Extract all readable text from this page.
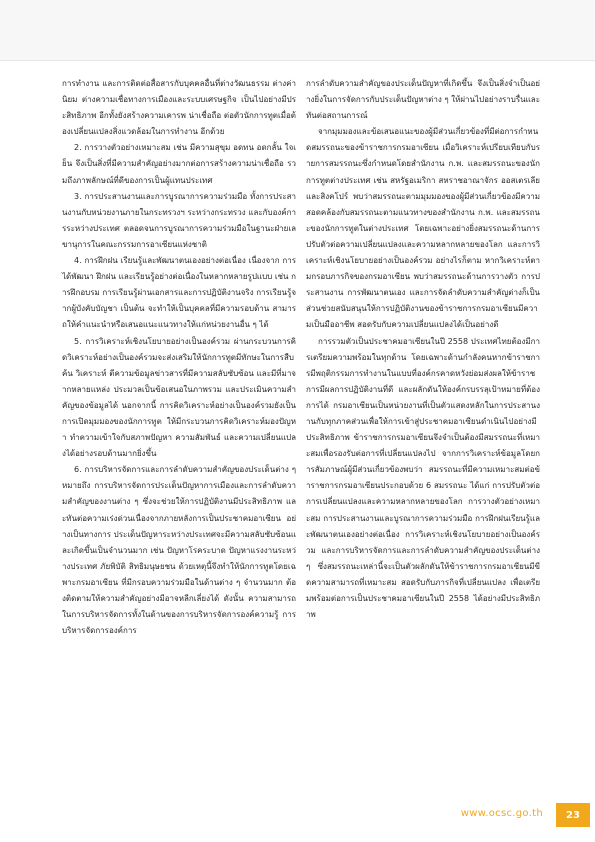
การทำงาน และการติดต่อสื่อสารกับบุคคลอื่นที่ต่างวัฒนธรรม ต่างค่านิยม ต่างความเชื่อทางการเมืองและระบบเศรษฐกิจ เป็นไปอย่างมีประสิทธิภาพ อีกทั้งยังสร้างความเคารพ น่าเชื่อถือ ต่อตัวนักการทูตเมื่อต้องเปลี่ยนแปลงสิ่งแวดล้อมในการทำงาน อีกด้วย

2. การวางตัวอย่างเหมาะสม เช่น มีความสุขุม อดทน อดกลั้น ใจเย็น จึงเป็นสิ่งที่มีความสำคัญอย่างมากต่อการสร้างความน่าเชื่อถือ รวมถึงภาพลักษณ์ที่ดีของการเป็นผู้แทนประเทศ

3. การประสานงานและการบูรณาการความร่วมมือ ทั้งการประสานงานกับหน่วยงานภายในกระทรวงฯ ระหว่างกระทรวง และกับองค์การระหว่างประเทศ ตลอดจนการบูรณาการความร่วมมือในฐานะฝ่ายเลขานุการในคณะกรรมการอาเซียนแห่งชาติ

4. การฝึกฝน เรียนรู้และพัฒนาตนเองอย่างต่อเนื่อง เนื่องจาก การได้พัฒนา ฝึกฝน และเรียนรู้อย่างต่อเนื่องในหลากหลายรูปแบบ เช่น การฝึกอบรม การเรียนรู้ผ่านเอกสารและการปฏิบัติงานจริง การเรียนรู้จากผู้บังคับบัญชา เป็นต้น จะทำให้เป็นบุคคลที่มีความรอบด้าน สามารถให้คำแนะนำหรือเสนอแนะแนวทางให้แก่หน่วยงานอื่น ๆ ได้

5. การวิเคราะห์เชิงนโยบายอย่างเป็นองค์รวม ผ่านกระบวนการคิดวิเคราะห์อย่างเป็นองค์รวมจะส่งเสริมให้นักการทูตมีทักษะในการสืบค้น วิเคราะห์ ตีความข้อมูลข่าวสารที่มีความสลับซับซ้อน และมีที่มาจากหลายแหล่ง ประมวลเป็นข้อเสนอในภาพรวม และประเมินความสำคัญของข้อมูลได้ นอกจากนี้ การคิดวิเคราะห์อย่างเป็นองค์รวมยังเป็นการเปิดมุมมองของนักการทูต ให้มีกระบวนการคิดวิเคราะห์มองปัญหา ทำความเข้าใจกับสภาพปัญหา ความสัมพันธ์ และความเปลี่ยนแปลงได้อย่างรอบด้านมากยิ่งขึ้น

6. การบริหารจัดการและการลำดับความสำคัญของประเด็นต่าง ๆ หมายถึง การบริหารจัดการประเด็นปัญหาการเมืองและการลำดับความสำคัญของงานต่าง ๆ ซึ่งจะช่วยให้การปฏิบัติงานมีประสิทธิภาพ และทันต่อความเร่งด่วนเนื่องจากภายหลังการเป็นประชาคมอาเซียน อย่างเป็นทางการ ประเด็นปัญหาระหว่างประเทศจะมีความสลับซับซ้อนและเกิดขึ้นเป็นจำนวนมาก เช่น ปัญหาโรคระบาด ปัญหาแรงงานระหว่างประเทศ ภัยพิบัติ สิทธิมนุษยชน ด้วยเหตุนี้จึงทำให้นักการทูตโดยเฉพาะกรมอาเซียน ที่มีกรอบความร่วมมือในด้านต่าง ๆ จำนวนมาก ต้องติดตามให้ความสำคัญอย่างมีอาจหลีกเลี่ยงได้ ดังนั้น ความสามารถในการบริหารจัดการทั้งในด้านของการบริหารจัดการองค์ความรู้ การบริหารจัดการองค์การ

การลำดับความสำคัญของประเด็นปัญหาที่เกิดขึ้น จึงเป็นสิ่งจำเป็นอย่างยิ่งในการจัดการกับประเด็นปัญหาต่าง ๆ ให้ผ่านไปอย่างราบรื่นและทันต่อสถานการณ์

จากมุมมองและข้อเสนอแนะของผู้มีส่วนเกี่ยวข้องที่มีต่อการกำหนดสมรรถนะของข้าราชการกรมอาเซียน เมื่อวิเคราะห์เปรียบเทียบกับรายการสมรรถนะซึ่งกำหนดโดยสำนักงาน ก.พ. และสมรรถนะของนักการทูตต่างประเทศ เช่น สหรัฐอเมริกา สหราชอาณาจักร ออสเตรเลีย และสิงคโปร์ พบว่าสมรรถนะตามมุมมองของผู้มีส่วนเกี่ยวข้องมีความสอดคล้องกับสมรรถนะตามแนวทางของสำนักงาน ก.พ. และสมรรถนะของนักการทูตในต่างประเทศ โดยเฉพาะอย่างยิ่งสมรรถนะด้านการปรับตัวต่อความเปลี่ยนแปลงและความหลากหลายของโลก และการวิเคราะห์เชิงนโยบายอย่างเป็นองค์รวม อย่างไรก็ตาม หากวิเคราะห์ตามกรอบภารกิจของกรมอาเซียน พบว่าสมรรถนะด้านการวางตัว การประสานงาน การพัฒนาตนเอง และการจัดลำดับความสำคัญต่างก็เป็นส่วนช่วยสนับสนุนให้การปฏิบัติงานของข้าราชการกรมอาเซียนมีความเป็นมืออาชีพ สอดรับกับความเปลี่ยนแปลงได้เป็นอย่างดี

การรวมตัวเป็นประชาคมอาเซียนในปี 2558 ประเทศไทยต้องมีการเตรียมความพร้อมในทุกด้าน โดยเฉพาะด้านกำลังคนหากข้าราชการมีพฤติกรรมการทำงานในแบบที่องค์กรคาดหวังย่อมส่งผลให้ข้าราชการมีผลการปฏิบัติงานที่ดี และผลักดันให้องค์กรบรรลุเป้าหมายที่ต้องการได้ กรมอาเซียนเป็นหน่วยงานที่เป็นตัวแสดงหลักในการประสานงานกับทุกภาคส่วนเพื่อให้การเข้าสู่ประชาคมอาเซียนดำเนินไปอย่างมีประสิทธิภาพ ข้าราชการกรมอาเซียนจึงจำเป็นต้องมีสมรรถนะที่เหมาะสมเพื่อรองรับต่อการที่เปลี่ยนแปลงไป จากการวิเคราะห์ข้อมูลโดยการสัมภาษณ์ผู้มีส่วนเกี่ยวข้องพบว่า สมรรถนะที่มีความเหมาะสมต่อข้าราชการกรมอาเซียนประกอบด้วย 6 สมรรถนะ ได้แก่ การปรับตัวต่อการเปลี่ยนแปลงและความหลากหลายของโลก การวางตัวอย่างเหมาะสม การประสานงานและบูรณาการความร่วมมือ การฝึกฝนเรียนรู้และพัฒนาตนเองอย่างต่อเนื่อง การวิเคราะห์เชิงนโยบายอย่างเป็นองค์รวม และการบริหารจัดการและการลำดับความสำคัญของประเด็นต่าง ๆ ซึ่งสมรรถนะเหล่านี้จะเป็นตัวผลักดันให้ข้าราชการกรมอาเซียนมีขีดความสามารถที่เหมาะสม สอดรับกับภารกิจที่เปลี่ยนแปลง เพื่อเตรียมพร้อมต่อการเป็นประชาคมอาเซียนในปี 2558 ได้อย่างมีประสิทธิภาพ

www.ocsc.go.th	23
